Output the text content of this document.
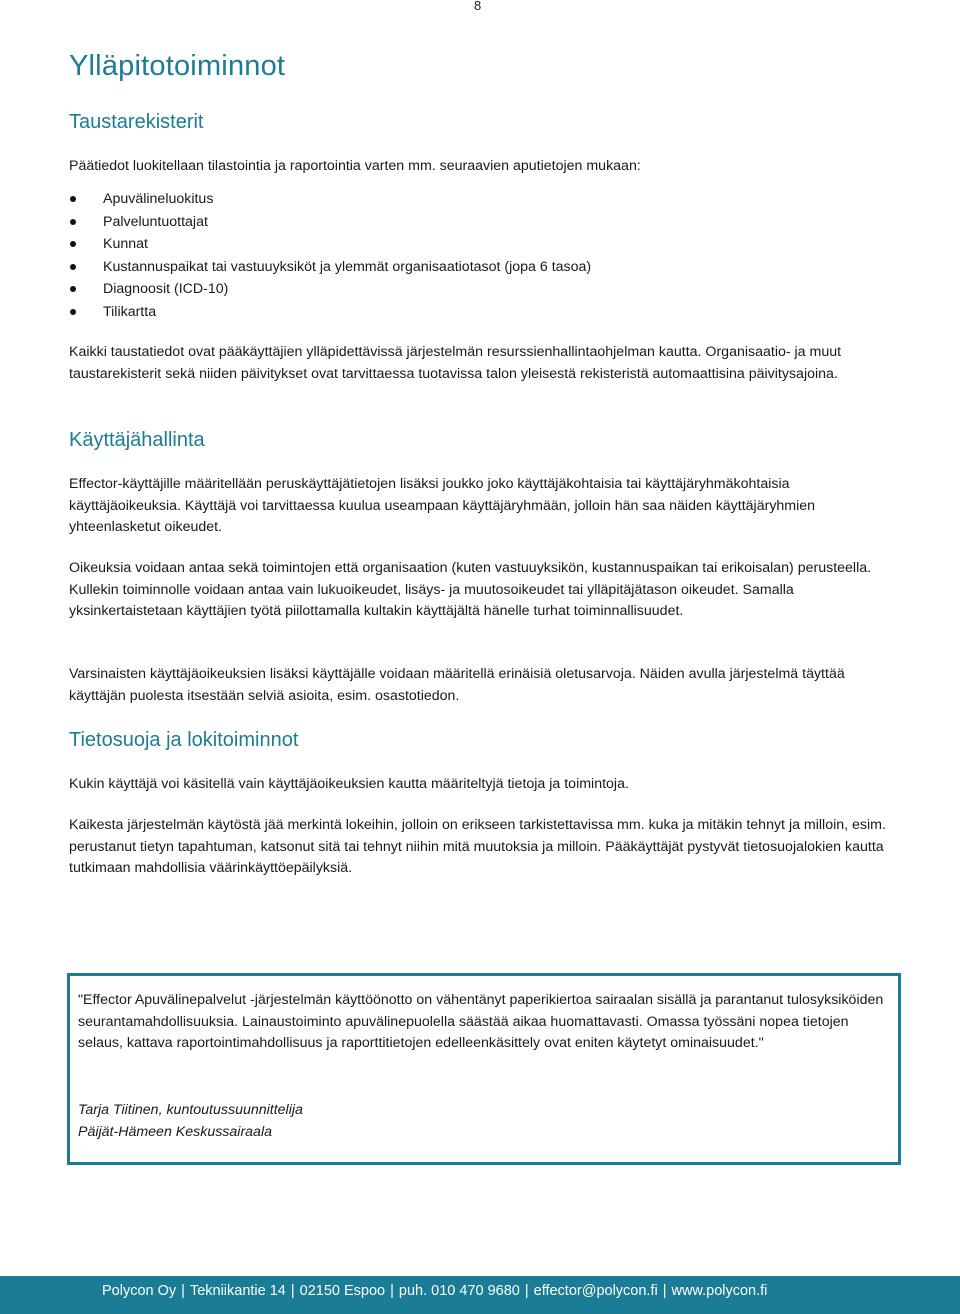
8
Ylläpitotoiminnot
Taustarekisterit

Päätiedot luokitellaan tilastointia ja raportointia varten mm. seuraavien aputietojen mukaan:

Apuvälineluokitus
Palveluntuottajat
Kunnat
Kustannuspaikat tai vastuuyksiköt ja ylemmät organisaatiotasot (jopa 6 tasoa)
Diagnoosit (ICD-10)
Tilikartta

Kaikki taustatiedot ovat pääkäyttäjien ylläpidettävissä järjestelmän resurssienhallintaohjelman kautta. Organisaatio- ja muut taustarekisterit sekä niiden päivitykset ovat tarvittaessa tuotavissa talon yleisestä rekisteristä automaattisina päivitysajoina.

Käyttäjähallinta

Effector-käyttäjille määritellään peruskäyttäjätietojen lisäksi joukko joko käyttäjäkohtaisia tai käyttäjäryhmäkohtaisia käyttäjäoikeuksia. Käyttäjä voi tarvittaessa kuulua useampaan käyttäjäryhmään, jolloin hän saa näiden käyttäjäryhmien yhteenlasketut oikeudet.

Oikeuksia voidaan antaa sekä toimintojen että organisaation (kuten vastuuyksikön, kustannuspaikan tai erikoisalan) perusteella. Kullekin toiminnolle voidaan antaa vain lukuoikeudet, lisäys- ja muutosoikeudet tai ylläpitäjätason oikeudet. Samalla yksinkertaistetaan käyttäjien työtä piilottamalla kultakin käyttäjältä hänelle turhat toiminnallisuudet.

Varsinaisten käyttäjäoikeuksien lisäksi käyttäjälle voidaan määritellä erinäisiä oletusarvoja. Näiden avulla järjestelmä täyttää käyttäjän puolesta itsestään selviä asioita, esim. osastotiedon.

Tietosuoja ja lokitoiminnot

Kukin käyttäjä voi käsitellä vain käyttäjäoikeuksien kautta määriteltyjä tietoja ja toimintoja.

Kaikesta järjestelmän käytöstä jää merkintä lokeihin, jolloin on erikseen tarkistettavissa mm. kuka ja mitäkin tehnyt ja milloin, esim. perustanut tietyn tapahtuman, katsonut sitä tai tehnyt niihin mitä muutoksia ja milloin. Pääkäyttäjät pystyvät tietosuojalokien kautta tutkimaan mahdollisia väärinkäyttöepäilyksiä.

"Effector Apuvälinepalvelut -järjestelmän käyttöönotto on vähentänyt paperikiertoa sairaalan sisällä ja parantanut tulosyksiköiden seurantamahdollisuuksia. Lainaustoiminto apuvälinepuolella säästää aikaa huomattavasti. Omassa työssäni nopea tietojen selaus, kattava raportointimahdollisuus ja raporttitietojen edelleenkäsittely ovat eniten käytetyt ominaisuudet."

Tarja Tiitinen, kuntoutussuunnittelija

Päijät-Hämeen Keskussairaala

Polycon Oy | Tekniikantie 14 | 02150 Espoo | puh. 010 470 9680 | effector@polycon.fi | www.polycon.fi
